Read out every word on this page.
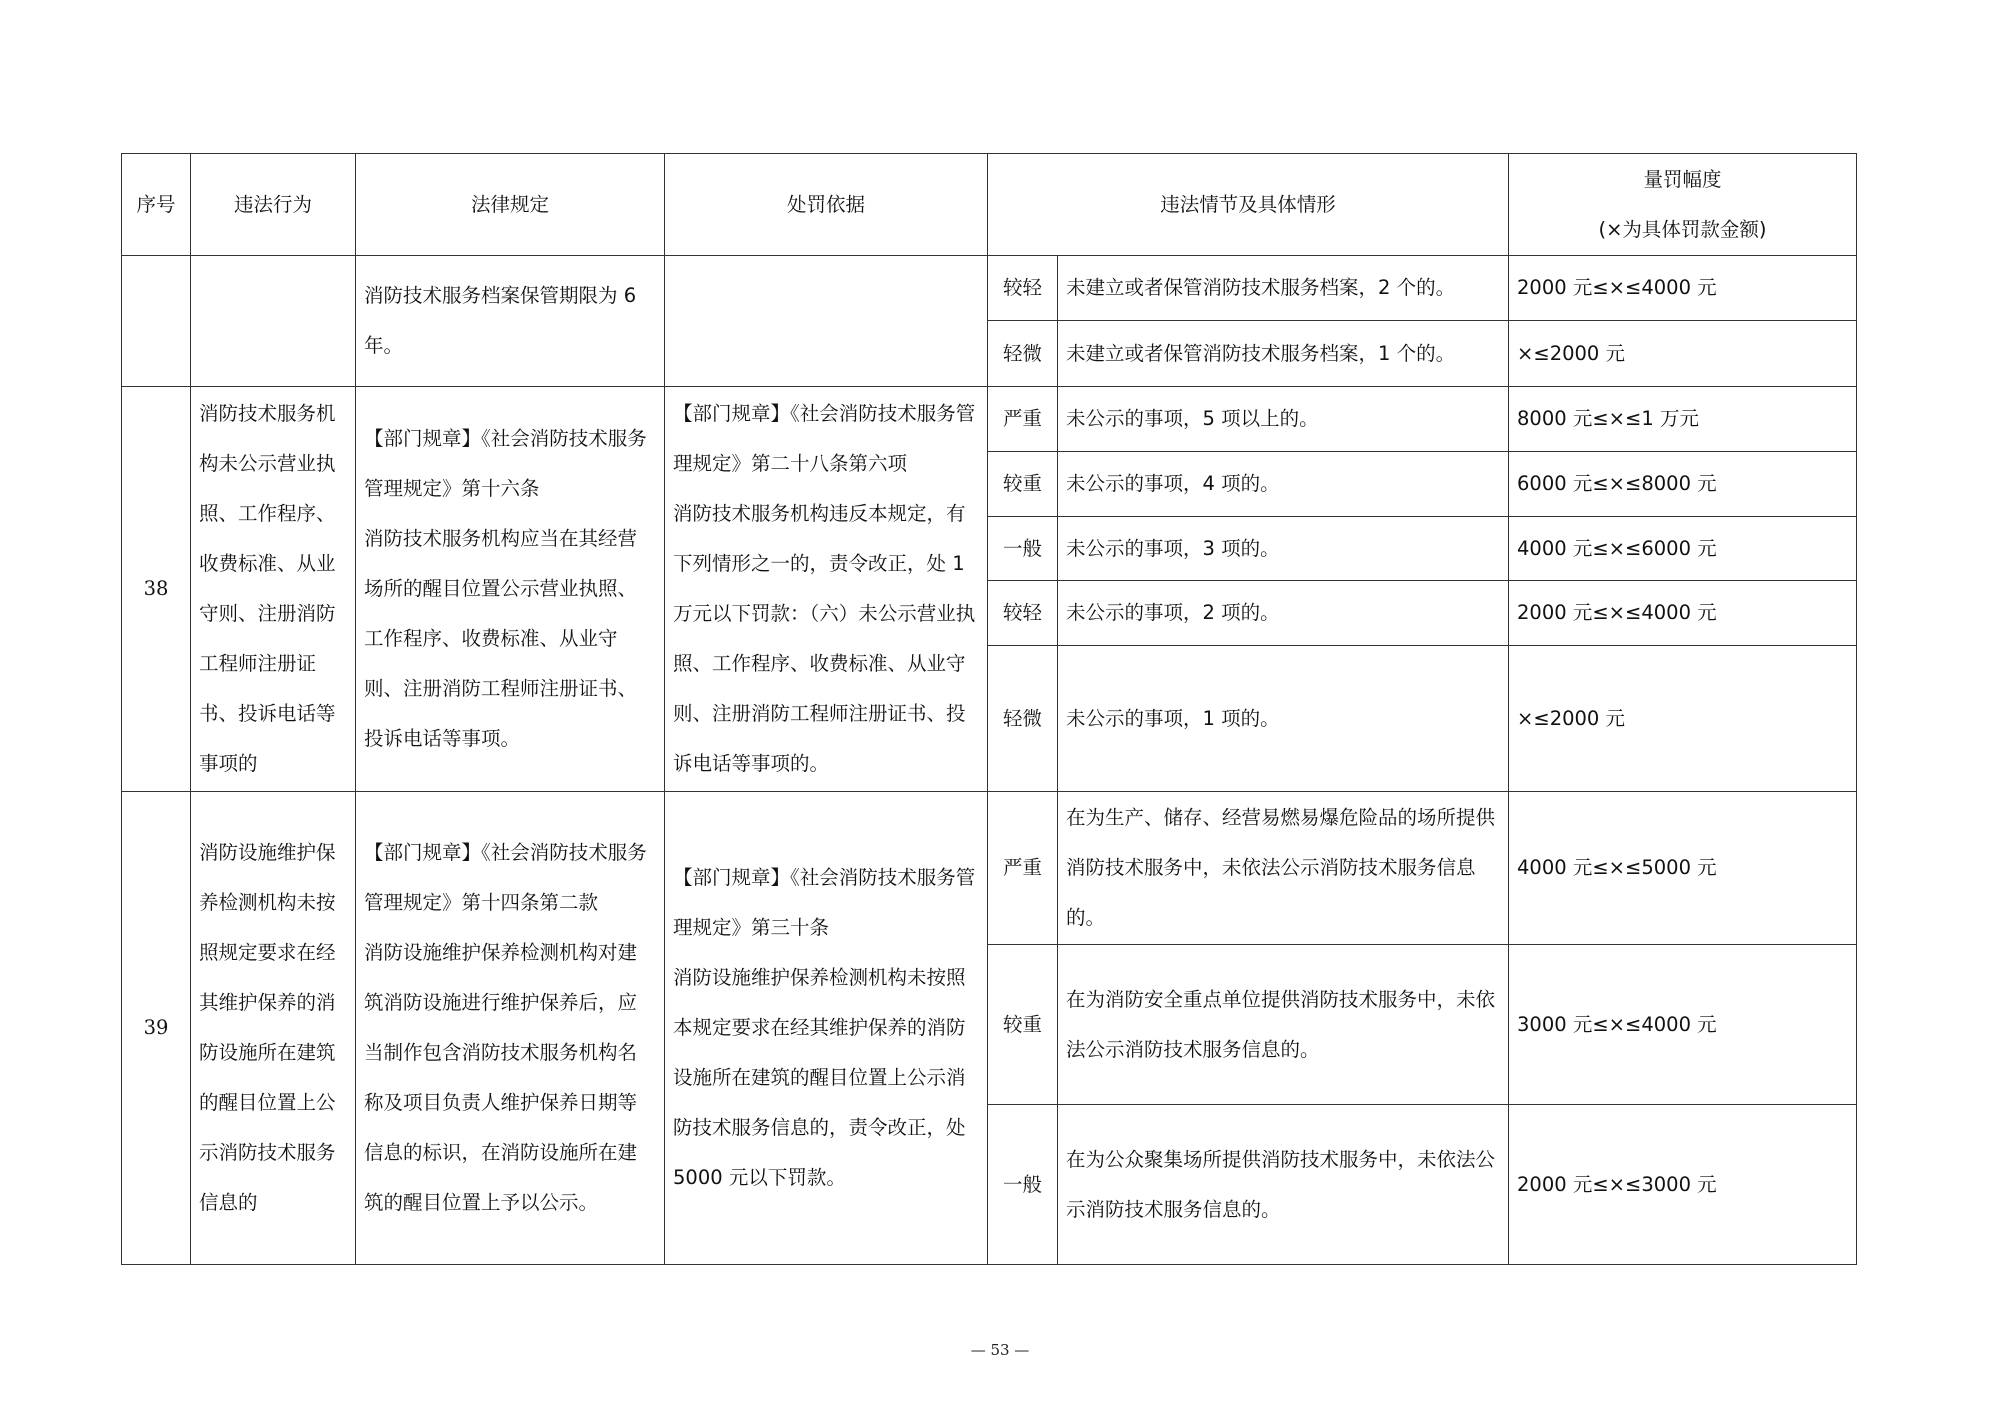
序号	违法行为	法律规定	处罚依据	违法情节及具体情形		量罚幅度
(×为具体罚款金额)

		消防技术服务档案保管期限为 6 年。		较轻	未建立或者保管消防技术服务档案，2 个的。	2000 元≤×≤4000 元
				轻微	未建立或者保管消防技术服务档案，1 个的。	×≤2000 元
38	消防技术服务机构未公示营业执照、工作程序、收费标准、从业守则、注册消防工程师注册证书、投诉电话等事项的	【部门规章】《社会消防技术服务管理规定》第十六条
消防技术服务机构应当在其经营场所的醒目位置公示营业执照、工作程序、收费标准、从业守则、注册消防工程师注册证书、投诉电话等事项。	【部门规章】《社会消防技术服务管理规定》第二十八条第六项
消防技术服务机构违反本规定，有下列情形之一的，责令改正，处 1 万元以下罚款：（六）未公示营业执照、工作程序、收费标准、从业守则、注册消防工程师注册证书、投诉电话等事项的。	严重	未公示的事项，5 项以上的。	8000 元≤×≤1 万元
				较重	未公示的事项，4 项的。	6000 元≤×≤8000 元
				一般	未公示的事项，3 项的。	4000 元≤×≤6000 元
				较轻	未公示的事项，2 项的。	2000 元≤×≤4000 元
				轻微	未公示的事项，1 项的。	×≤2000 元
39	消防设施维护保养检测机构未按照规定要求在经其维护保养的消防设施所在建筑的醒目位置上公示消防技术服务信息的	【部门规章】《社会消防技术服务管理规定》第十四条第二款
消防设施维护保养检测机构对建筑消防设施进行维护保养后，应当制作包含消防技术服务机构名称及项目负责人维护保养日期等信息的标识，在消防设施所在建筑的醒目位置上予以公示。	【部门规章】《社会消防技术服务管理规定》第三十条
消防设施维护保养检测机构未按照本规定要求在经其维护保养的消防设施所在建筑的醒目位置上公示消防技术服务信息的，责令改正，处 5000 元以下罚款。	严重	在为生产、储存、经营易燃易爆危险品的场所提供消防技术服务中，未依法公示消防技术服务信息的。	4000 元≤×≤5000 元
				较重	在为消防安全重点单位提供消防技术服务中，未依法公示消防技术服务信息的。	3000 元≤×≤4000 元
				一般	在为公众聚集场所提供消防技术服务中，未依法公示消防技术服务信息的。	2000 元≤×≤3000 元
— 53 —
